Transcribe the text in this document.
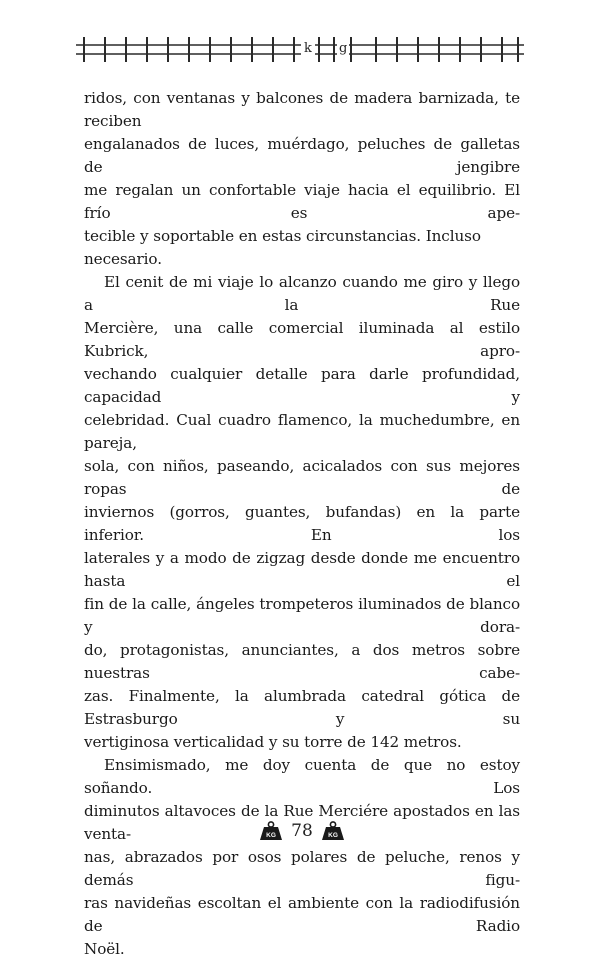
k g
ridos, con ventanas y balcones de madera barnizada, te reciben
engalanados de luces, muérdago, peluches de galletas de jengibre
me regalan un confortable viaje hacia el equilibrio. El frío es ape-
tecible y soportable en estas circunstancias. Incluso necesario.
El cenit de mi viaje lo alcanzo cuando me giro y llego a la Rue
Mercière, una calle comercial iluminada al estilo Kubrick, apro-
vechando cualquier detalle para darle profundidad, capacidad y
celebridad. Cual cuadro flamenco, la muchedumbre, en pareja,
sola, con niños, paseando, acicalados con sus mejores ropas de
inviernos (gorros, guantes, bufandas) en la parte inferior. En los
laterales y a modo de zigzag desde donde me encuentro hasta el
fin de la calle, ángeles trompeteros iluminados de blanco y dora-
do, protagonistas, anunciantes, a dos metros sobre nuestras cabe-
zas. Finalmente, la alumbrada catedral gótica de Estrasburgo y su
vertiginosa verticalidad y su torre de 142 metros.
Ensimismado, me doy cuenta de que no estoy soñando. Los
diminutos altavoces de la Rue Merciére apostados en las venta-
nas, abrazados por osos polares de peluche, renos y demás figu-
ras navideñas escoltan el ambiente con la radiodifusión de Radio
Noël.
KG 78	KG
